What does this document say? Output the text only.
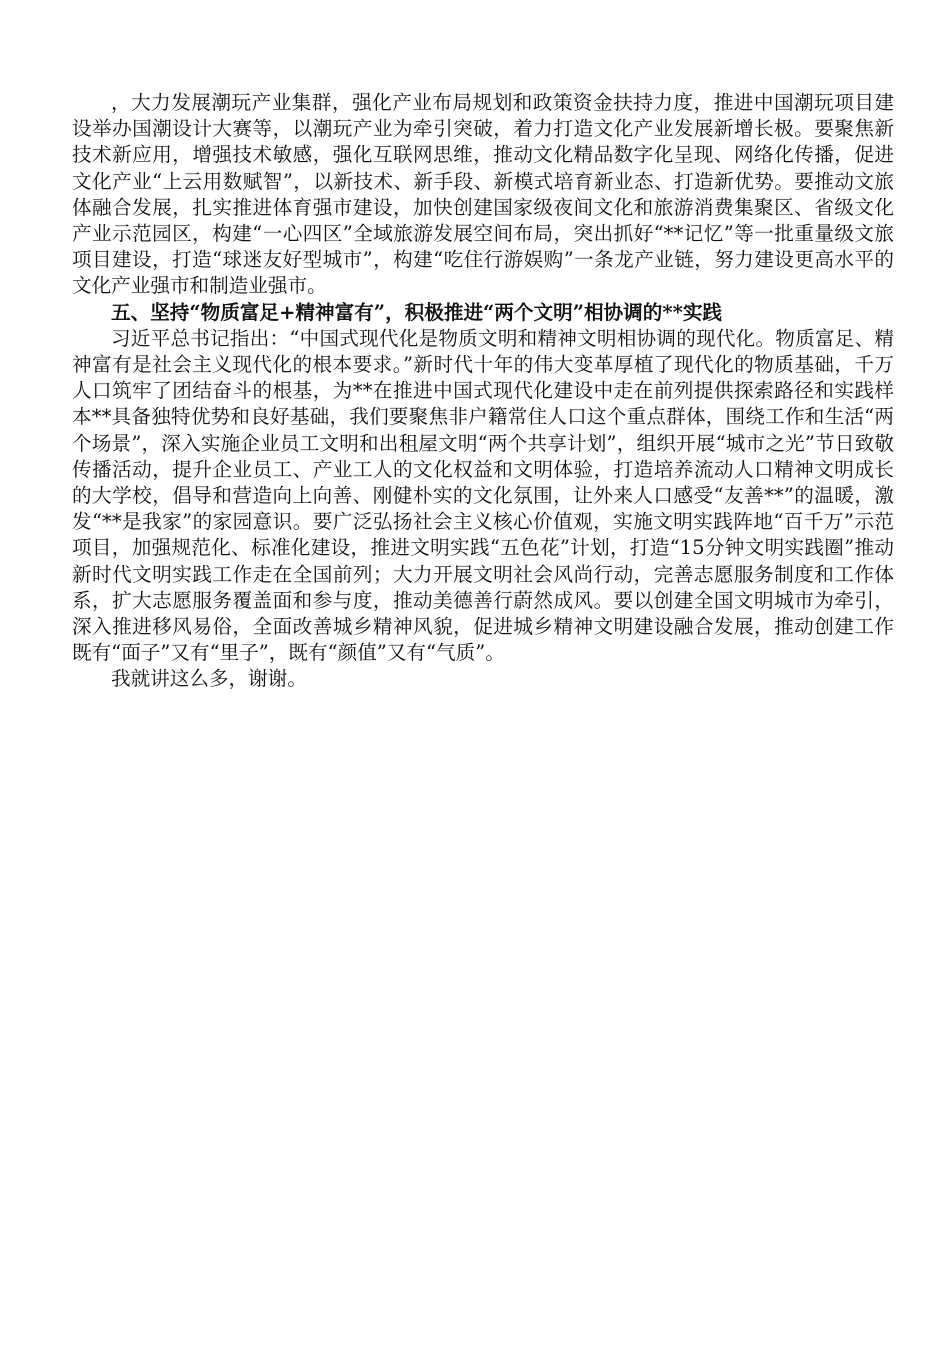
，大力发展潮玩产业集群，强化产业布局规划和政策资金扶持力度，推进中国潮玩项目建设举办国潮设计大赛等，以潮玩产业为牵引突破，着力打造文化产业发展新增长极。要聚焦新技术新应用，增强技术敏感，强化互联网思维，推动文化精品数字化呈现、网络化传播，促进文化产业“上云用数赋智”，以新技术、新手段、新模式培育新业态、打造新优势。要推动文旅体融合发展，扎实推进体育强市建设，加快创建国家级夜间文化和旅游消费集聚区、省级文化产业示范园区，构建“一心四区”全域旅游发展空间布局，突出抓好“**记忆”等一批重量级文旅项目建设，打造“球迷友好型城市”，构建“吃住行游娱购”一条龙产业链，努力建设更高水平的文化产业强市和制造业强市。

五、坚持“物质富足+精神富有”，积极推进“两个文明”相协调的**实践

习近平总书记指出：“中国式现代化是物质文明和精神文明相协调的现代化。物质富足、精神富有是社会主义现代化的根本要求。”新时代十年的伟大变革厚植了现代化的物质基础，千万人口筑牢了团结奋斗的根基，为**在推进中国式现代化建设中走在前列提供探索路径和实践样本**具备独特优势和良好基础，我们要聚焦非户籍常住人口这个重点群体，围绕工作和生活“两个场景”，深入实施企业员工文明和出租屋文明“两个共享计划”，组织开展“城市之光”节日致敬传播活动，提升企业员工、产业工人的文化权益和文明体验，打造培养流动人口精神文明成长的大学校，倡导和营造向上向善、刚健朴实的文化氛围，让外来人口感受“友善**”的温暖，激发“**是我家”的家园意识。要广泛弘扬社会主义核心价值观，实施文明实践阵地“百千万”示范项目，加强规范化、标准化建设，推进文明实践“五色花”计划，打造“15分钟文明实践圈”推动新时代文明实践工作走在全国前列；大力开展文明社会风尚行动，完善志愿服务制度和工作体系，扩大志愿服务覆盖面和参与度，推动美德善行蔚然成风。要以创建全国文明城市为牵引，深入推进移风易俗，全面改善城乡精神风貌，促进城乡精神文明建设融合发展，推动创建工作既有“面子”又有“里子”，既有“颜值”又有“气质”。

我就讲这么多，谢谢。
